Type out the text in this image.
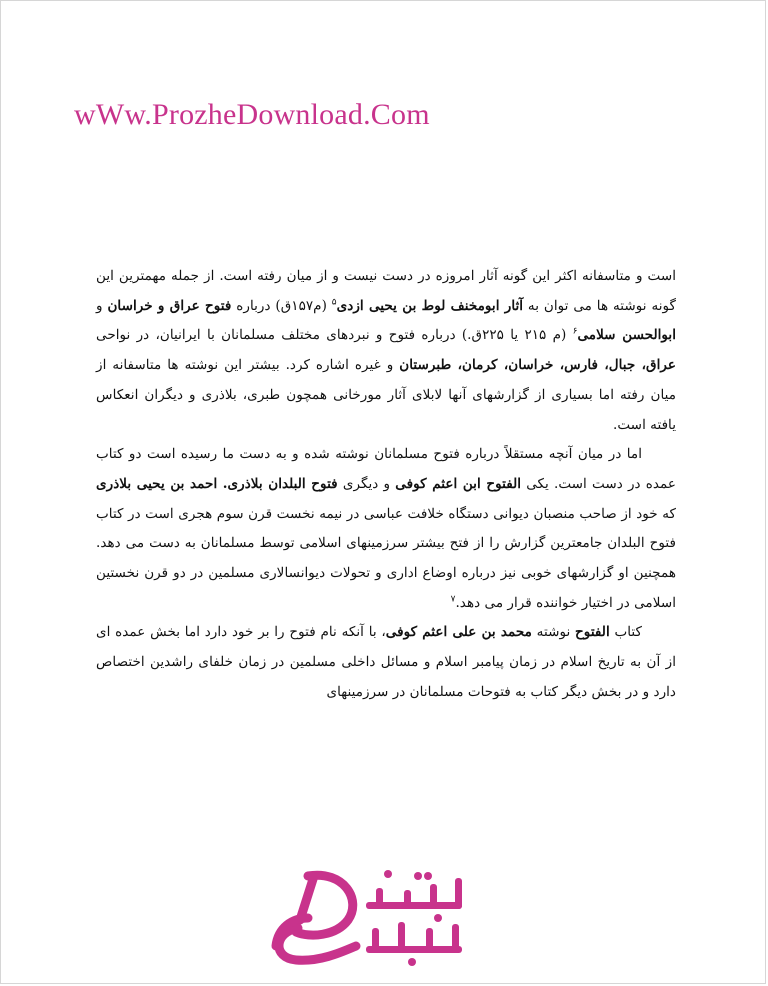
wWw.ProzheDownload.Com

است و متاسفانه اکثر این گونه آثار امروزه در دست نیست و از میان رفته است. از جمله مهمترین این گونه نوشته ها می توان به آثار ابومخنف لوط بن یحیی ازدی$^۵$ (م۱۵۷ق) درباره فتوح عراق و خراسان و ابوالحسن سلامی$^۶$ (م ۲۱۵ یا ۲۲۵ق.) درباره فتوح و نبردهای مختلف مسلمانان با ایرانیان، در نواحی عراق، جبال، فارس، خراسان، کرمان، طبرستان و غیره اشاره کرد. بیشتر این نوشته ها متاسفانه از میان رفته اما بسیاری از گزارشهای آنها لابلای آثار مورخانی همچون طبری، بلاذری و دیگران انعکاس یافته است.

اما در میان آنچه مستقلاً درباره فتوح مسلمانان نوشته شده و به دست ما رسیده است دو کتاب عمده در دست است. یکی الفتوح ابن اعثم کوفی و دیگری فتوح البلدان بلاذری. احمد بن یحیی بلاذری که خود از صاحب منصبان دیوانی دستگاه خلافت عباسی در نیمه نخست قرن سوم هجری است در کتاب فتوح البلدان جامعترین گزارش را از فتح بیشتر سرزمینهای اسلامی توسط مسلمانان به دست می دهد. همچنین او گزارشهای خوبی نیز درباره اوضاع اداری و تحولات دیوانسالاری مسلمین در دو قرن نخستین اسلامی در اختیار خواننده قرار می دهد.$^۷$

کتاب الفتوح نوشته محمد بن علی اعثم کوفی، با آنکه نام فتوح را بر خود دارد اما بخش عمده ای از آن به تاریخ اسلام در زمان پیامبر اسلام و مسائل داخلی مسلمین در زمان خلفای راشدین اختصاص دارد و در بخش دیگر کتاب به فتوحات مسلمانان در سرزمینهای
